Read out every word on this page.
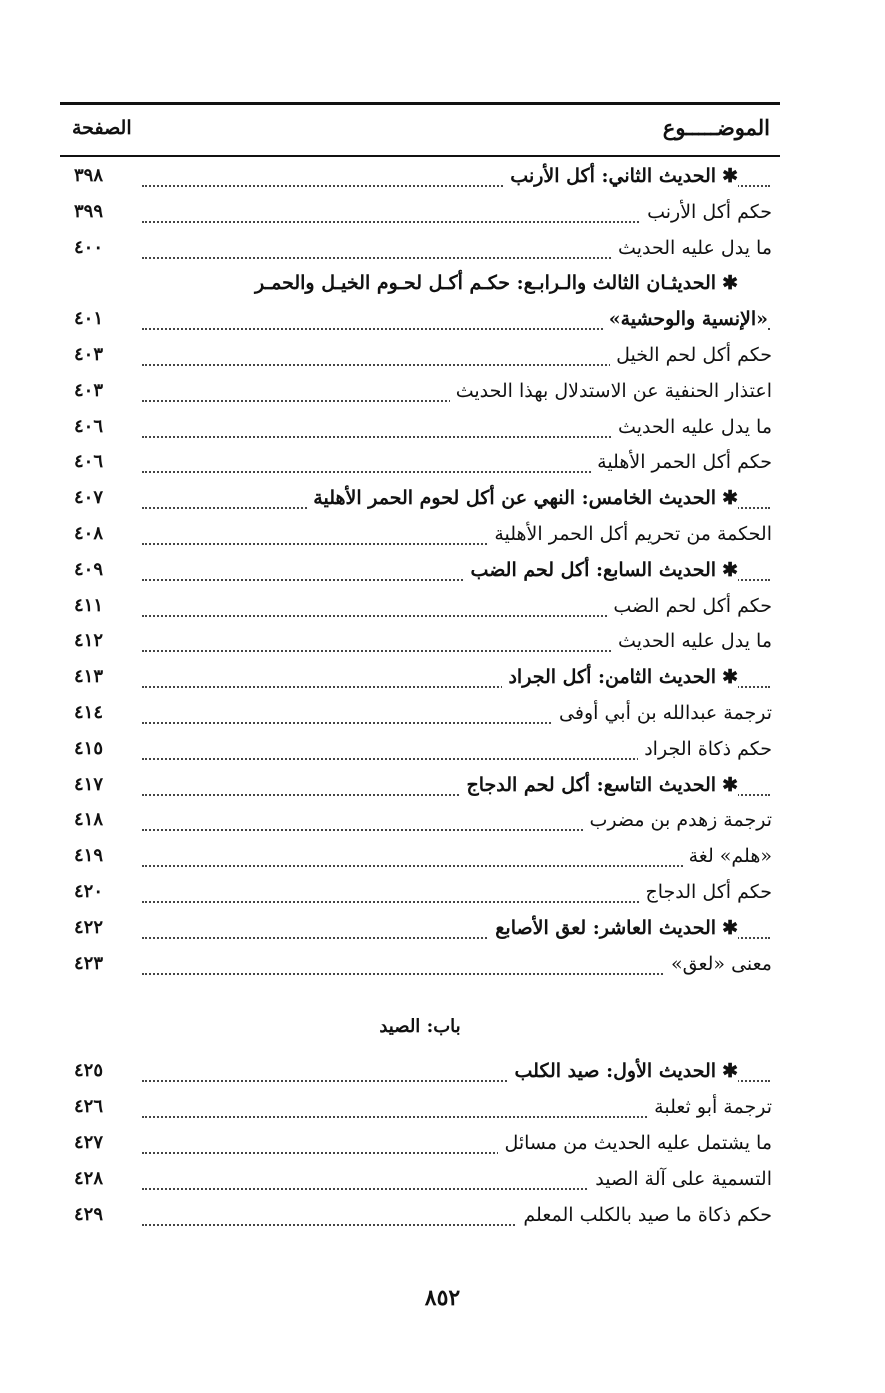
الموضـــــوع
الصفحة
✱الحديث الثاني: أكل الأرنب
٣٩٨
حكم أكل الأرنب
٣٩٩
ما يدل عليه الحديث
٤٠٠
✱الحديثـان الثالث والـرابـع: حكـم أكـل لحـوم الخيـل والحمـر
«الإنسية والوحشية»
٤٠١
حكم أكل لحم الخيل
٤٠٣
اعتذار الحنفية عن الاستدلال بهذا الحديث
٤٠٣
ما يدل عليه الحديث
٤٠٦
حكم أكل الحمر الأهلية
٤٠٦
✱الحديث الخامس: النهي عن أكل لحوم الحمر الأهلية
٤٠٧
الحكمة من تحريم أكل الحمر الأهلية
٤٠٨
✱الحديث السابع: أكل لحم الضب
٤٠٩
حكم أكل لحم الضب
٤١١
ما يدل عليه الحديث
٤١٢
✱الحديث الثامن: أكل الجراد
٤١٣
ترجمة عبدالله بن أبي أوفى
٤١٤
حكم ذكاة الجراد
٤١٥
✱الحديث التاسع: أكل لحم الدجاج
٤١٧
ترجمة زهدم بن مضرب
٤١٨
«هلم» لغة
٤١٩
حكم أكل الدجاج
٤٢٠
✱الحديث العاشر: لعق الأصابع
٤٢٢
معنى «لعق»
٤٢٣
باب: الصيد
✱الحديث الأول: صيد الكلب
٤٢٥
ترجمة أبو ثعلبة
٤٢٦
ما يشتمل عليه الحديث من مسائل
٤٢٧
التسمية على آلة الصيد
٤٢٨
حكم ذكاة ما صيد بالكلب المعلم
٤٢٩
٨٥٢
